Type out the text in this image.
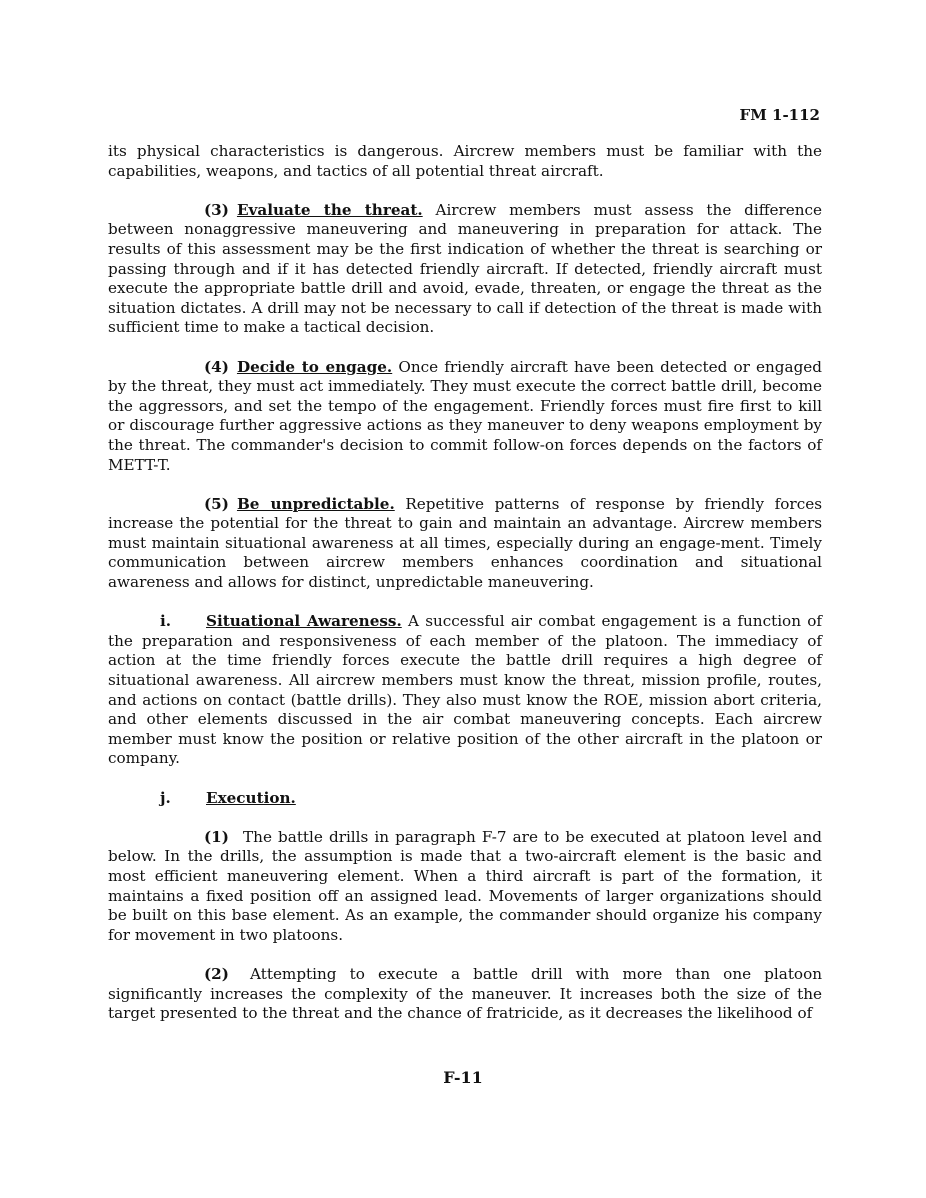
FM 1-112

its physical characteristics is dangerous. Aircrew members must be familiar with the capabilities, weapons, and tactics of all potential threat aircraft.

(3) Evaluate the threat. Aircrew members must assess the difference between nonaggressive maneuvering and maneuvering in preparation for attack. The results of this assessment may be the first indication of whether the threat is searching or passing through and if it has detected friendly aircraft. If detected, friendly aircraft must execute the appropriate battle drill and avoid, evade, threaten, or engage the threat as the situation dictates. A drill may not be necessary to call if detection of the threat is made with sufficient time to make a tactical decision.

(4) Decide to engage. Once friendly aircraft have been detected or engaged by the threat, they must act immediately. They must execute the correct battle drill, become the aggressors, and set the tempo of the engagement. Friendly forces must fire first to kill or discourage further aggressive actions as they maneuver to deny weapons employment by the threat. The commander's decision to commit follow-on forces depends on the factors of METT-T.

(5) Be unpredictable. Repetitive patterns of response by friendly forces increase the potential for the threat to gain and maintain an advantage. Aircrew members must maintain situational awareness at all times, especially during an engage-ment. Timely communication between aircrew members enhances coordination and situational awareness and allows for distinct, unpredictable maneuvering.

i. Situational Awareness. A successful air combat engagement is a function of the preparation and responsiveness of each member of the platoon. The immediacy of action at the time friendly forces execute the battle drill requires a high degree of situational awareness. All aircrew members must know the threat, mission profile, routes, and actions on contact (battle drills). They also must know the ROE, mission abort criteria, and other elements discussed in the air combat maneuvering concepts. Each aircrew member must know the position or relative position of the other aircraft in the platoon or company.

j. Execution.

(1) The battle drills in paragraph F-7 are to be executed at platoon level and below. In the drills, the assumption is made that a two-aircraft element is the basic and most efficient maneuvering element. When a third aircraft is part of the formation, it maintains a fixed position off an assigned lead. Movements of larger organizations should be built on this base element. As an example, the commander should organize his company for movement in two platoons.

(2) Attempting to execute a battle drill with more than one platoon significantly increases the complexity of the maneuver. It increases both the size of the target presented to the threat and the chance of fratricide, as it decreases the likelihood of

F-11
